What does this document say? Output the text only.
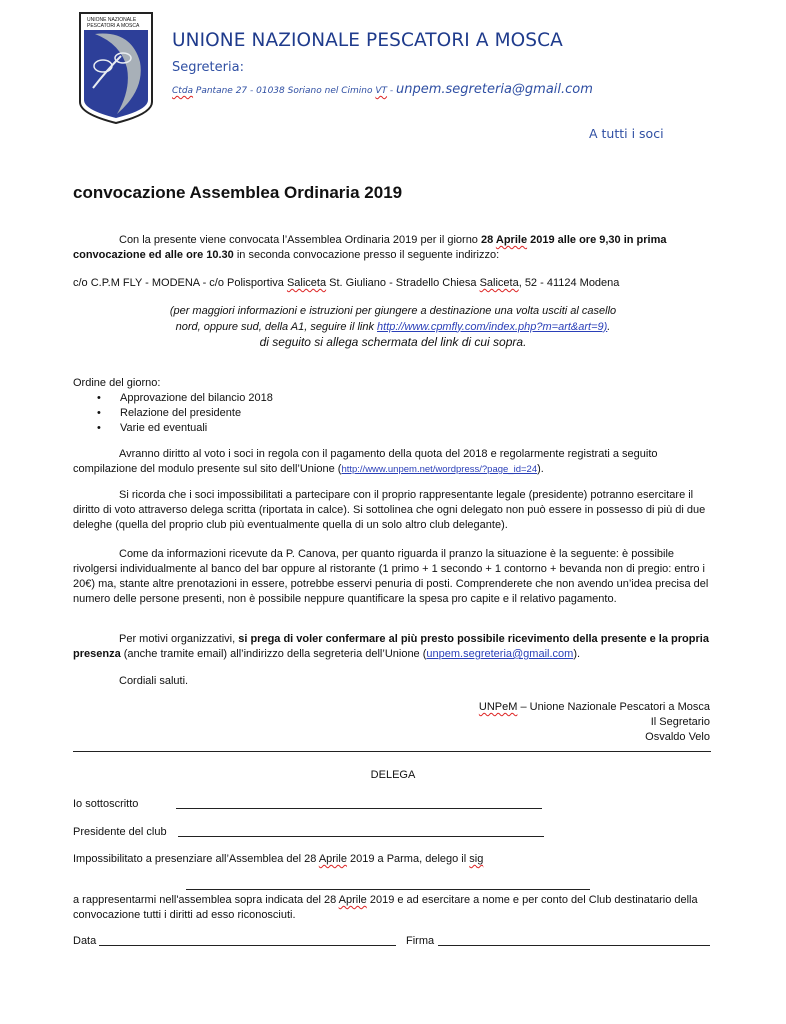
UNIONE NAZIONALE
PESCATORI A MOSCA
UNIONE NAZIONALE PESCATORI A MOSCA
Segreteria:
Ctda Pantane 27 - 01038 Soriano nel Cimino VT - unpem.segreteria@gmail.com
A tutti i soci
convocazione Assemblea Ordinaria 2019

Con la presente viene convocata l’Assemblea Ordinaria 2019 per il giorno 28 Aprile 2019 alle ore 9,30 in prima convocazione ed alle ore 10.30 in seconda convocazione presso il seguente indirizzo:

c/o C.P.M FLY - MODENA - c/o Polisportiva Saliceta St. Giuliano - Stradello Chiesa Saliceta, 52 - 41124 Modena

(per maggiori informazioni e istruzioni per giungere a destinazione una volta usciti al casello
nord, oppure sud, della A1, seguire il link http://www.cpmfly.com/index.php?m=art&art=9).
di seguito si allega schermata del link di cui sopra.
Ordine del giorno:
• Approvazione del bilancio 2018
• Relazione del presidente
• Varie ed eventuali

Avranno diritto al voto i soci in regola con il pagamento della quota del 2018 e regolarmente registrati a seguito compilazione del modulo presente sul sito dell’Unione (http://www.unpem.net/wordpress/?page_id=24).

Si ricorda che i soci impossibilitati a partecipare con il proprio rappresentante legale (presidente) potranno esercitare il diritto di voto attraverso delega scritta (riportata in calce). Si sottolinea che ogni delegato non può essere in possesso di più di due deleghe (quella del proprio club più eventualmente quella di un solo altro club delegante).

Come da informazioni ricevute da P. Canova, per quanto riguarda il pranzo la situazione è la seguente: è possibile rivolgersi individualmente al banco del bar oppure al ristorante (1 primo + 1 secondo + 1 contorno + bevanda non di pregio: entro i 20€) ma, stante altre prenotazioni in essere, potrebbe esservi penuria di posti. Comprenderete che non avendo un’idea precisa del numero delle persone presenti, non è possibile neppure quantificare la spesa pro capite e il relativo pagamento.

Per motivi organizzativi, si prega di voler confermare al più presto possibile ricevimento della presente e la propria presenza (anche tramite email) all’indirizzo della segreteria dell’Unione (unpem.segreteria@gmail.com).

Cordiali saluti.

UNPeM – Unione Nazionale Pescatori a Mosca
Il Segretario
Osvaldo Velo
DELEGA
Io sottoscritto
Presidente del club
Impossibilitato a presenziare all’Assemblea del 28 Aprile 2019 a Parma, delego il sig

a rappresentarmi nell'assemblea sopra indicata del 28 Aprile 2019 e ad esercitare a nome e per conto del Club destinatario della convocazione tutti i diritti ad esso riconosciuti.

Data	Firma
